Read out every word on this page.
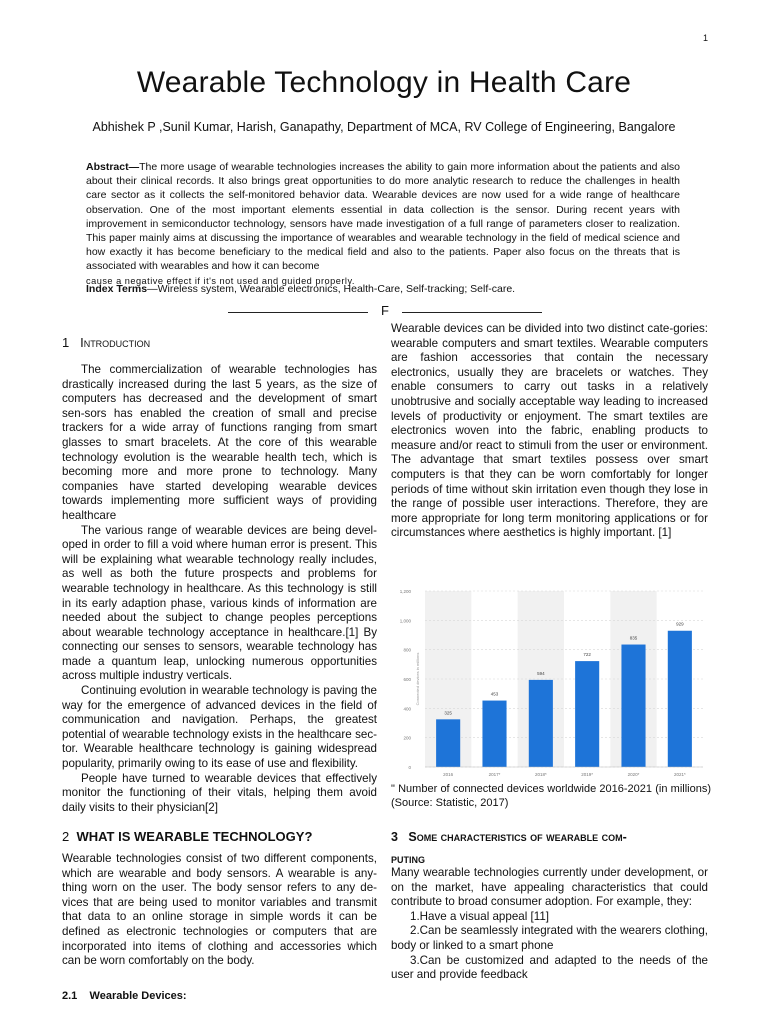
1
Wearable Technology in Health Care
Abhishek P ,Sunil Kumar, Harish, Ganapathy, Department of MCA, RV College of Engineering, Bangalore
Abstract—The more usage of wearable technologies increases the ability to gain more information about the patients and also about their clinical records. It also brings great opportunities to do more analytic research to reduce the challenges in health care sector as it collects the self-monitored behavior data. Wearable devices are now used for a wide range of healthcare observation. One of the most important elements essential in data collection is the sensor. During recent years with improvement in semiconductor technology, sensors have made investigation of a full range of parameters closer to realization. This paper mainly aims at discussing the importance of wearables and wearable technology in the field of medical science and how exactly it has become beneficiary to the medical field and also to the patients. Paper also focus on the threats that is associated with wearables and how it can become
cause a negative effect if it's not used and guided properly.
Index Terms—Wireless system, Wearable electronics, Health-Care, Self-tracking; Self-care.
F
1 Introduction

The commercialization of wearable technologies has drastically increased during the last 5 years, as the size of computers has decreased and the development of smart sen-sors has enabled the creation of small and precise trackers for a wide array of functions ranging from smart glasses to smart bracelets. At the core of this wearable technology evolution is the wearable health tech, which is becoming more and more prone to technology. Many companies have started developing wearable devices towards implementing more sufficient ways of providing healthcare

The various range of wearable devices are being devel-oped in order to fill a void where human error is present. This will be explaining what wearable technology really includes, as well as both the future prospects and problems for wearable technology in healthcare. As this technology is still in its early adaption phase, various kinds of information are needed about the subject to change peoples perceptions about wearable technology acceptance in healthcare.[1] By connecting our senses to sensors, wearable technology has made a quantum leap, unlocking numerous opportunities across multiple industry verticals.

Continuing evolution in wearable technology is paving the way for the emergence of advanced devices in the field of communication and navigation. Perhaps, the greatest potential of wearable technology exists in the healthcare sec-tor. Wearable healthcare technology is gaining widespread popularity, primarily owing to its ease of use and flexibility.

People have turned to wearable devices that effectively monitor the functioning of their vitals, helping them avoid daily visits to their physician[2]

2 WHAT IS WEARABLE TECHNOLOGY?

Wearable technologies consist of two different components, which are wearable and body sensors. A wearable is any-thing worn on the user. The body sensor refers to any de-vices that are being used to monitor variables and transmit that data to an online storage in simple words it can be defined as electronic technologies or computers that are incorporated into items of clothing and accessories which can be worn comfortably on the body.

2.1 Wearable Devices:

Wearable devices can be divided into two distinct cate-gories: wearable computers and smart textiles. Wearable computers are fashion accessories that contain the necessary electronics, usually they are bracelets or watches. They enable consumers to carry out tasks in a relatively unobtrusive and socially acceptable way leading to increased levels of productivity or enjoyment. The smart textiles are electronics woven into the fabric, enabling products to measure and/or react to stimuli from the user or environment. The advantage that smart textiles possess over smart computers is that they can be worn comfortably for longer periods of time without skin irritation even though they lose in the range of possible user interactions. Therefore, they are more appropriate for long term monitoring applications or for circumstances where aesthetics is highly important. [1]

0
200
400
600
800
1,000
1,200
Connected devices in millions
325
2016
453
2017*
594
2018*
722
2019*
835
2020*
929
2021*

" Number of connected devices worldwide 2016-2021 (in millions) (Source: Statistic, 2017)

3 Some characteristics of wearable com-
puting

Many wearable technologies currently under development, or on the market, have appealing characteristics that could contribute to broad consumer adoption. For example, they:

1.Have a visual appeal [11]

2.Can be seamlessly integrated with the wearers clothing, body or linked to a smart phone

3.Can be customized and adapted to the needs of the user and provide feedback
